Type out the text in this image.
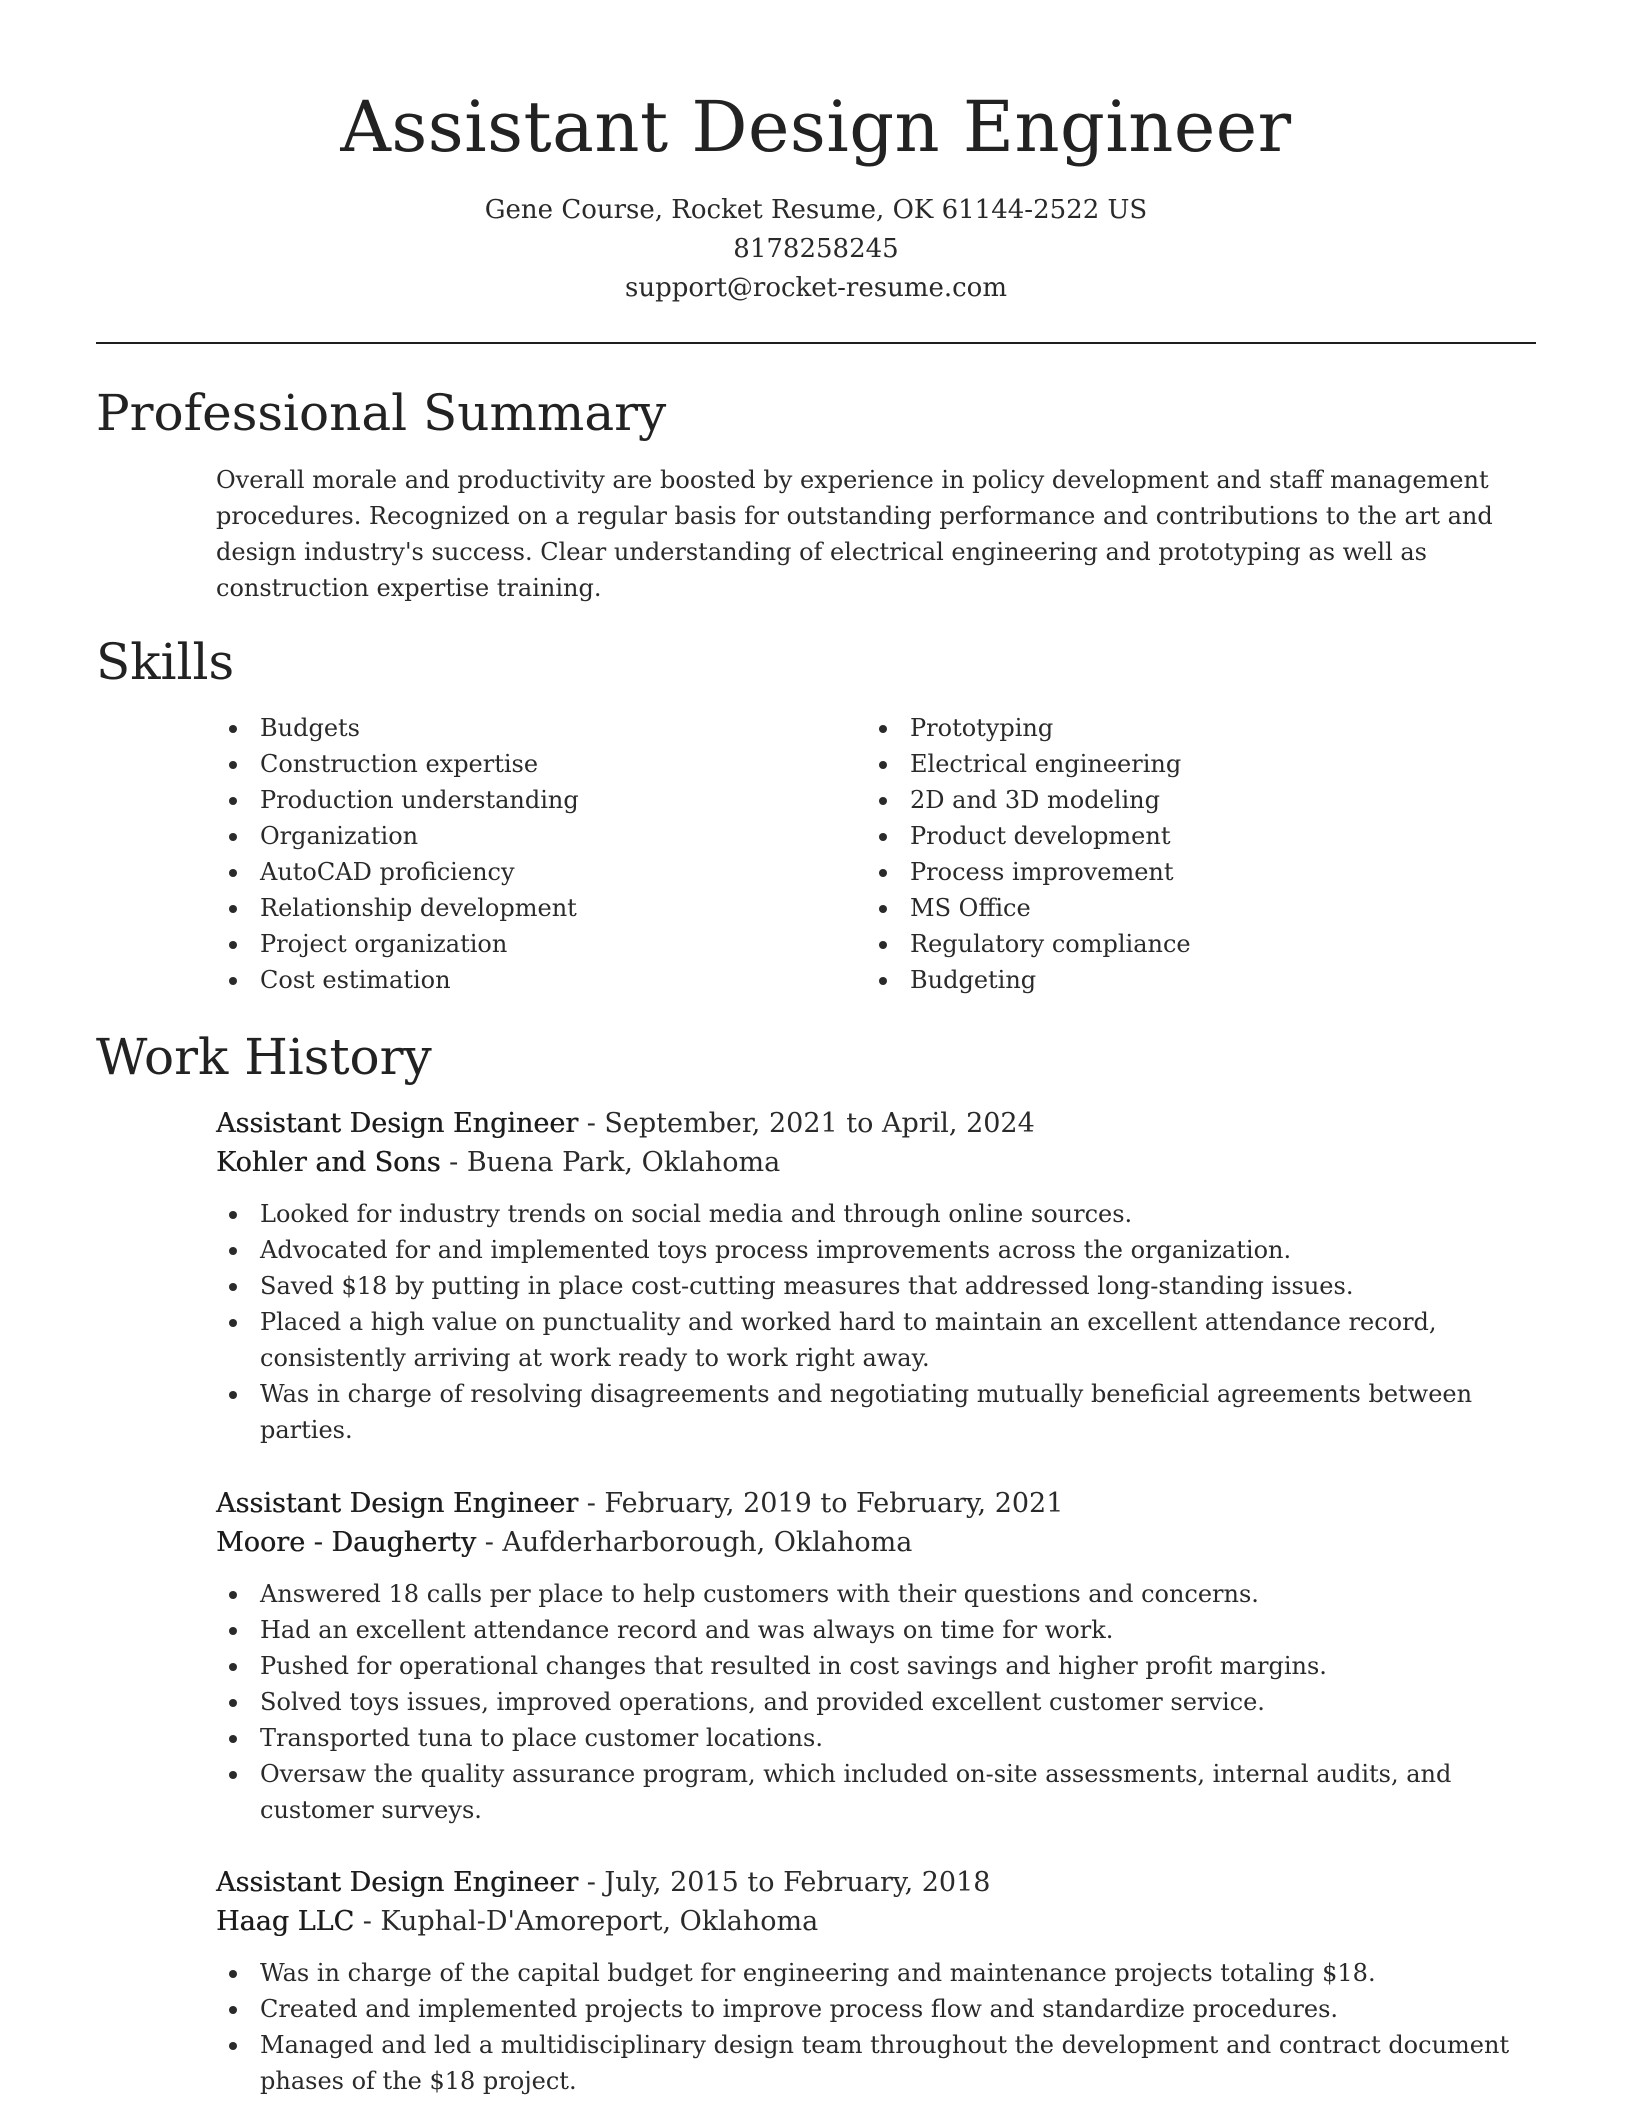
Assistant Design Engineer
Gene Course, Rocket Resume, OK 61144-2522 US
8178258245
support@rocket-resume.com
Professional Summary

Overall morale and productivity are boosted by experience in policy development and staff management procedures. Recognized on a regular basis for outstanding performance and contributions to the art and design industry's success. Clear understanding of electrical engineering and prototyping as well as construction expertise training.

Skills
Budgets
Construction expertise
Production understanding
Organization
AutoCAD proficiency
Relationship development
Project organization
Cost estimation
Prototyping
Electrical engineering
2D and 3D modeling
Product development
Process improvement
MS Office
Regulatory compliance
Budgeting
Work History
Assistant Design Engineer - September, 2021 to April, 2024
Kohler and Sons - Buena Park, Oklahoma
Looked for industry trends on social media and through online sources.
Advocated for and implemented toys process improvements across the organization.
Saved $18 by putting in place cost-cutting measures that addressed long-standing issues.
Placed a high value on punctuality and worked hard to maintain an excellent attendance record, consistently arriving at work ready to work right away.
Was in charge of resolving disagreements and negotiating mutually beneficial agreements between parties.
Assistant Design Engineer - February, 2019 to February, 2021
Moore - Daugherty - Aufderharborough, Oklahoma
Answered 18 calls per place to help customers with their questions and concerns.
Had an excellent attendance record and was always on time for work.
Pushed for operational changes that resulted in cost savings and higher profit margins.
Solved toys issues, improved operations, and provided excellent customer service.
Transported tuna to place customer locations.
Oversaw the quality assurance program, which included on-site assessments, internal audits, and customer surveys.
Assistant Design Engineer - July, 2015 to February, 2018
Haag LLC - Kuphal-D'Amoreport, Oklahoma
Was in charge of the capital budget for engineering and maintenance projects totaling $18.
Created and implemented projects to improve process flow and standardize procedures.
Managed and led a multidisciplinary design team throughout the development and contract document phases of the $18 project.
